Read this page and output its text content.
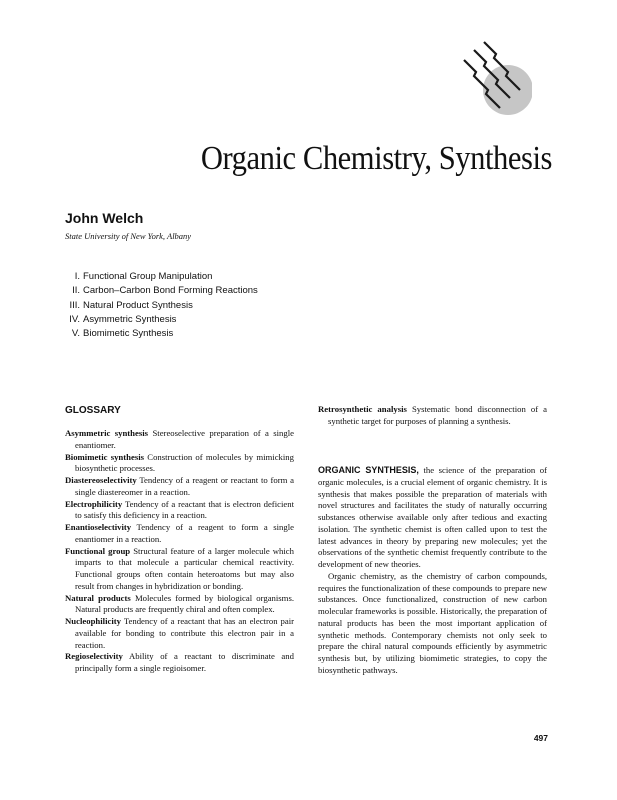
Organic Chemistry, Synthesis
John Welch
State University of New York, Albany
I. Functional Group Manipulation
II. Carbon–Carbon Bond Forming Reactions
III. Natural Product Synthesis
IV. Asymmetric Synthesis
V. Biomimetic Synthesis
GLOSSARY
Asymmetric synthesis Stereoselective preparation of a single enantiomer.
Biomimetic synthesis Construction of molecules by mimicking biosynthetic processes.
Diastereoselectivity Tendency of a reagent or reactant to form a single diastereomer in a reaction.
Electrophilicity Tendency of a reactant that is electron deficient to satisfy this deficiency in a reaction.
Enantioselectivity Tendency of a reagent to form a single enantiomer in a reaction.
Functional group Structural feature of a larger molecule which imparts to that molecule a particular chemical reactivity. Functional groups often contain heteroatoms but may also result from changes in hybridization or bonding.
Natural products Molecules formed by biological organisms. Natural products are frequently chiral and often complex.
Nucleophilicity Tendency of a reactant that has an electron pair available for bonding to contribute this electron pair in a reaction.
Regioselectivity Ability of a reactant to discriminate and principally form a single regioisomer.
Retrosynthetic analysis Systematic bond disconnection of a synthetic target for purposes of planning a synthesis.

ORGANIC SYNTHESIS, the science of the preparation of organic molecules, is a crucial element of organic chemistry. It is synthesis that makes possible the preparation of materials with novel structures and facilitates the study of naturally occurring substances otherwise available only after tedious and exacting isolation. The synthetic chemist is often called upon to test the latest advances in theory by preparing new molecules; yet the observations of the synthetic chemist frequently contribute to the development of new theories.

Organic chemistry, as the chemistry of carbon compounds, requires the functionalization of these compounds to prepare new substances. Once functionalized, construction of new carbon molecular frameworks is possible. Historically, the preparation of natural products has been the most important application of synthetic methods. Contemporary chemists not only seek to prepare the chiral natural compounds efficiently by asymmetric synthesis but, by utilizing biomimetic strategies, to copy the biosynthetic pathways.

497
